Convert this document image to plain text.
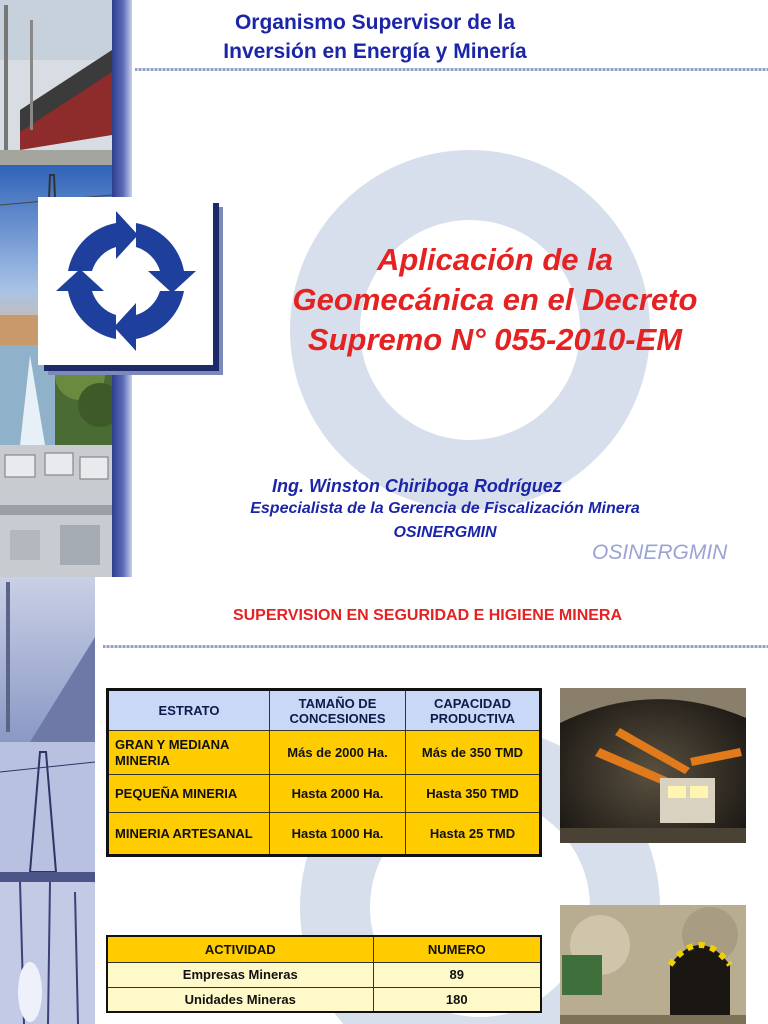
Organismo Supervisor de la
Inversión en Energía y Minería
Aplicación de la
Geomecánica en el Decreto
Supremo N° 055-2010-EM
Ing. Winston Chiriboga Rodríguez
Especialista de la Gerencia de Fiscalización Minera
OSINERGMIN
OSINERGMIN
SUPERVISION EN SEGURIDAD E HIGIENE MINERA
ESTRATO	TAMAÑO DE CONCESIONES	CAPACIDAD PRODUCTIVA
GRAN Y MEDIANA MINERIA	Más de 2000 Ha.	Más de 350 TMD
PEQUEÑA MINERIA	Hasta 2000 Ha.	Hasta 350 TMD
MINERIA ARTESANAL	Hasta 1000 Ha.	Hasta 25 TMD
ACTIVIDAD	NUMERO
Empresas Mineras	89
Unidades Mineras	180
